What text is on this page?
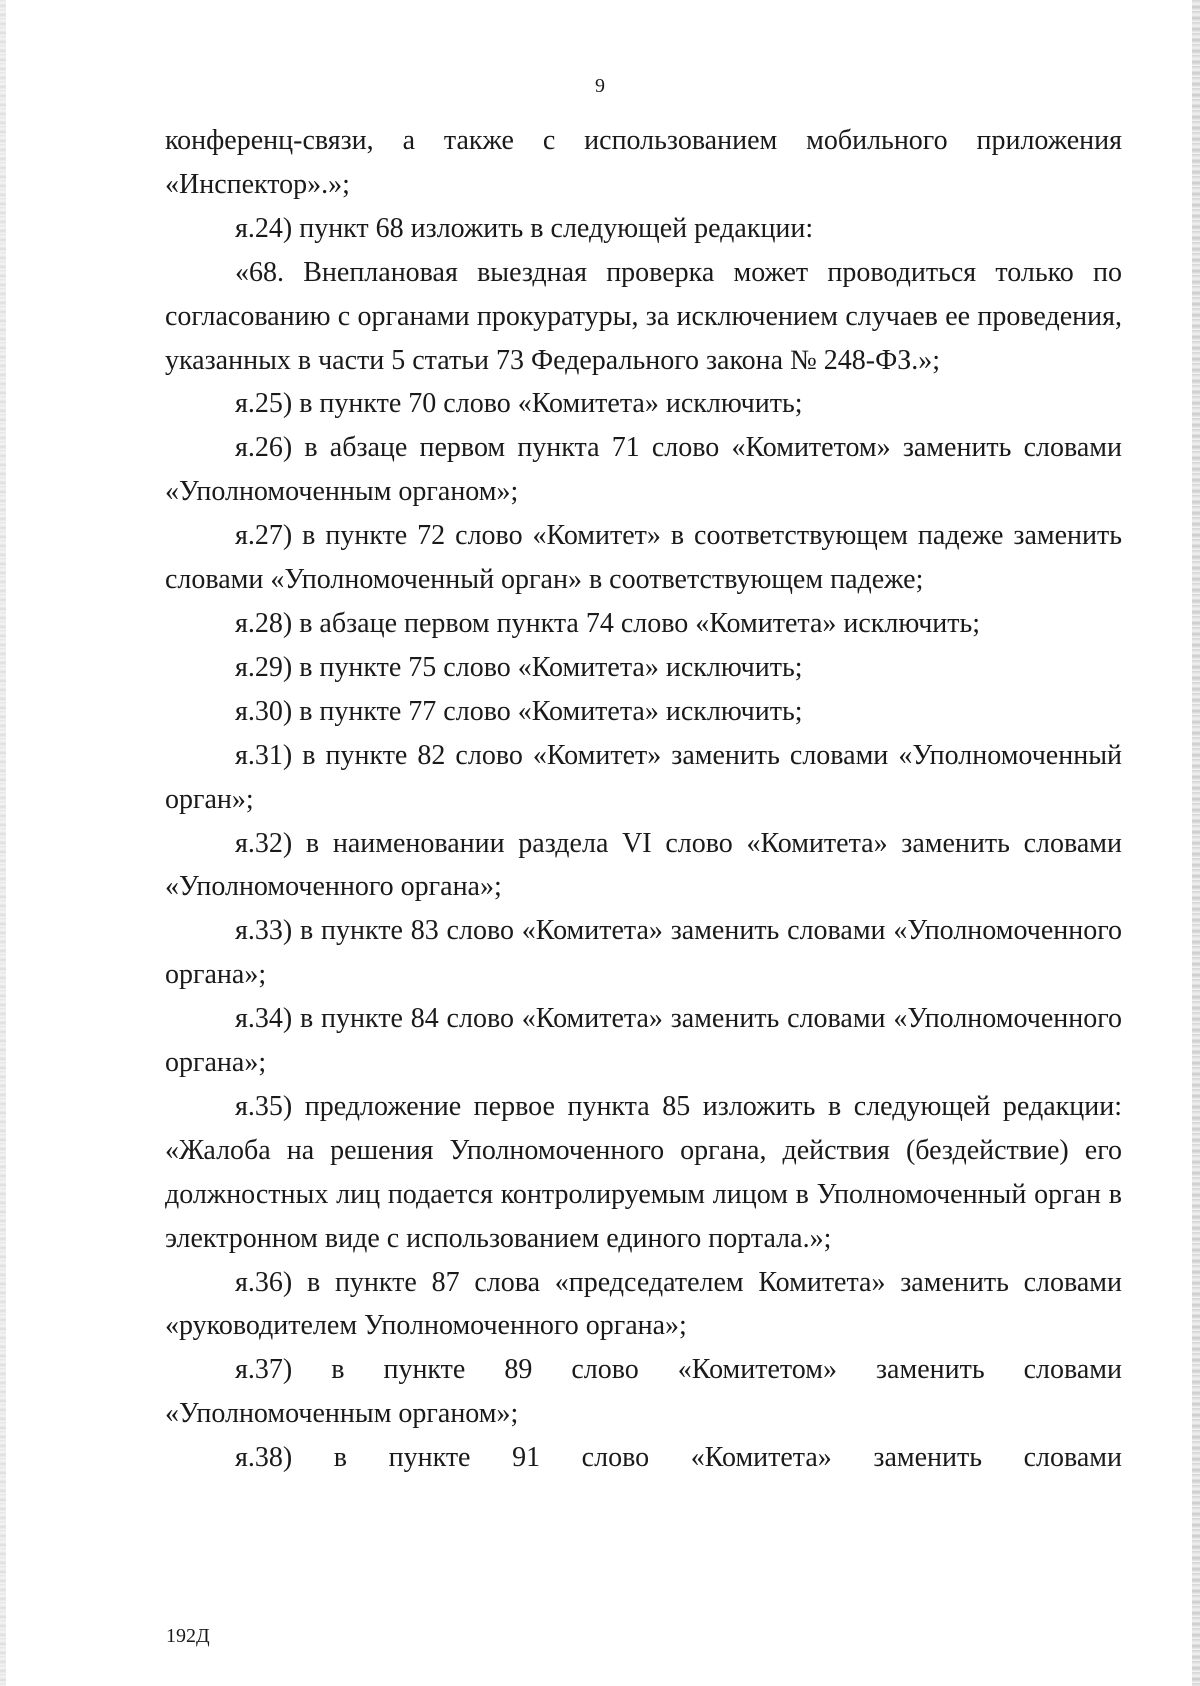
9

конференц-связи, а также с использованием мобильного приложения «Инспектор».»;

я.24) пункт 68 изложить в следующей редакции:

«68. Внеплановая выездная проверка может проводиться только по согласованию с органами прокуратуры, за исключением случаев ее проведения, указанных в части 5 статьи 73 Федерального закона № 248-ФЗ.»;

я.25) в пункте 70 слово «Комитета» исключить;

я.26) в абзаце первом пункта 71 слово «Комитетом» заменить словами «Уполномоченным органом»;

я.27) в пункте 72 слово «Комитет» в соответствующем падеже заменить словами «Уполномоченный орган» в соответствующем падеже;

я.28) в абзаце первом пункта 74 слово «Комитета» исключить;

я.29) в пункте 75 слово «Комитета» исключить;

я.30) в пункте 77 слово «Комитета» исключить;

я.31) в пункте 82 слово «Комитет» заменить словами «Уполномоченный орган»;

я.32) в наименовании раздела VI слово «Комитета» заменить словами «Уполномоченного органа»;

я.33) в пункте 83 слово «Комитета» заменить словами «Уполномоченного органа»;

я.34) в пункте 84 слово «Комитета» заменить словами «Уполномоченного органа»;

я.35) предложение первое пункта 85 изложить в следующей редакции: «Жалоба на решения Уполномоченного органа, действия (бездействие) его должностных лиц подается контролируемым лицом в Уполномоченный орган в электронном виде с использованием единого портала.»;

я.36) в пункте 87 слова «председателем Комитета» заменить словами «руководителем Уполномоченного органа»;

я.37) в пункте 89 слово «Комитетом» заменить словами «Уполномоченным органом»;

я.38) в пункте 91 слово «Комитета» заменить словами

192Д
